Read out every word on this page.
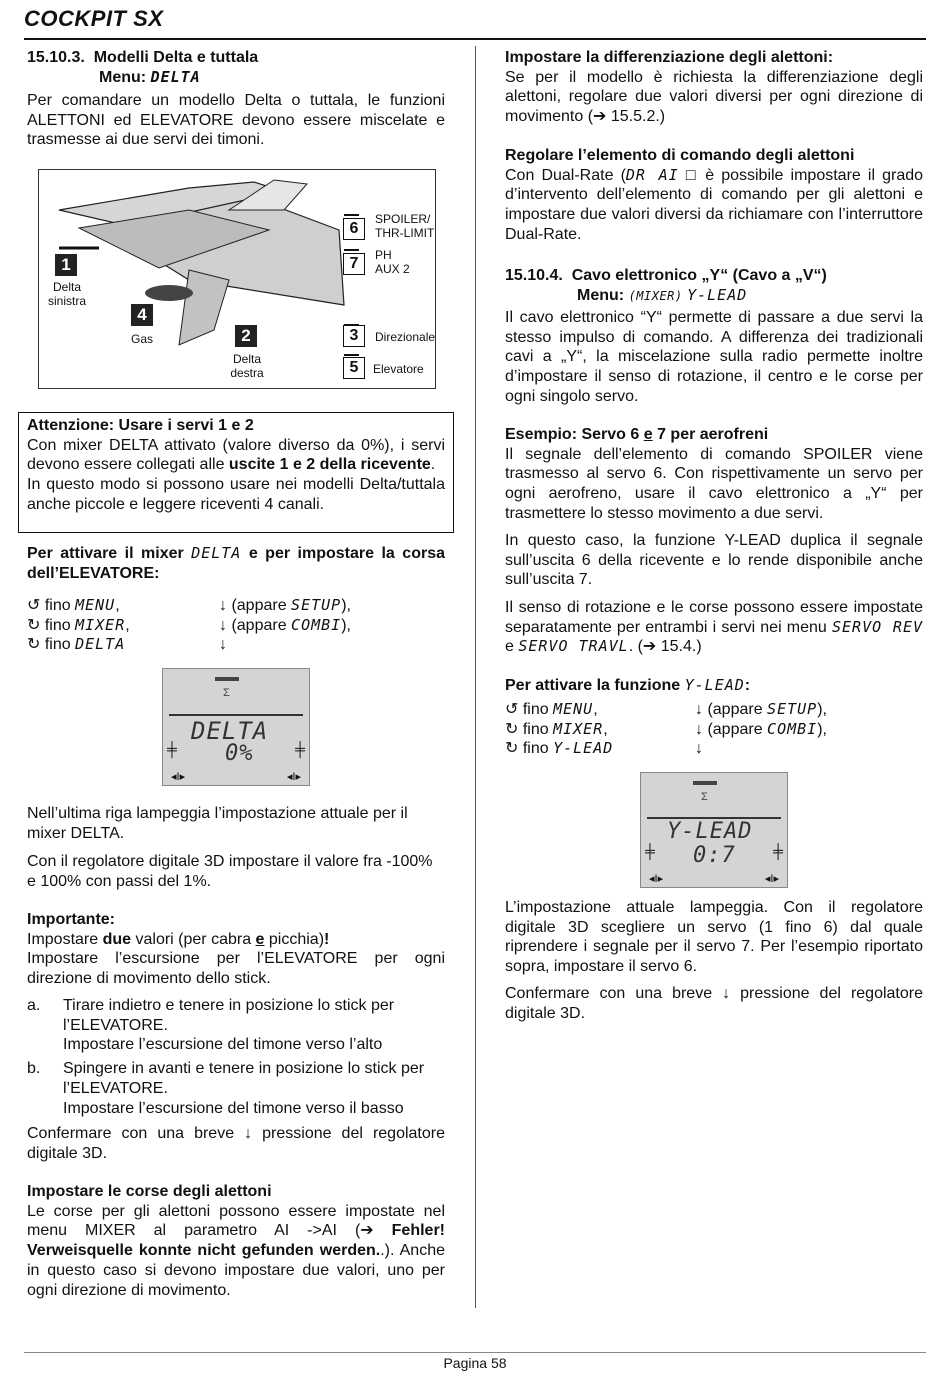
COCKPIT SX

15.10.3. Modelli Delta e tuttala

Menu: DELTA

Per comandare un modello Delta o tuttala, le funzioni ALETTONI ed ELEVATORE devono essere miscelate e trasmesse ai due servi dei timoni.

1
Delta
sinistra
4
Gas	2
Delta
destra
6
SPOILER/
THR-LIMIT
7	PH
AUX 2
3	Direzionale
5	Elevatore

Attenzione: Usare i servi 1 e 2

Con mixer DELTA attivato (valore diverso da 0%), i servi devono essere collegati alle uscite 1 e 2 della ricevente.

In questo modo si possono usare nei modelli Delta/tuttala anche piccole e leggere riceventi 4 canali.

Per attivare il mixer DELTA e per impostare la corsa dell’ELEVATORE:

↺ fino MENU,	↓ (appare SETUP),
↻ fino MIXER,	↓ (appare COMBI),
↻ fino DELTA	↓
Σ
DELTA
0%
╪	╪
◂I▸	◂I▸

Nell’ultima riga lampeggia l’impostazione attuale per il mixer DELTA.

Con il regolatore digitale 3D impostare il valore fra -100% e 100% con passi del 1%.

Importante:

Impostare due valori (per cabra e picchia)!

Impostare l’escursione per l’ELEVATORE per ogni direzione di movimento dello stick.

a.	Tirare indietro e tenere in posizione lo stick per l’ELEVATORE.
Impostare l’escursione del timone verso l’alto
b.	Spingere in avanti e tenere in posizione lo stick per l’ELEVATORE.
Impostare l’escursione del timone verso il basso

Confermare con una breve ↓ pressione del regolatore digitale 3D.

Impostare le corse degli alettoni

Le corse per gli alettoni possono essere impostate nel menu MIXER al parametro AI ->AI (➔ Fehler! Verweisquelle konnte nicht gefunden werden..). Anche in questo caso si devono impostare due valori, uno per ogni direzione di movimento.

Impostare la differenziazione degli alettoni:

Se per il modello è richiesta la differenziazione degli alettoni, regolare due valori diversi per ogni direzione di movimento (➔ 15.5.2.)

Regolare l’elemento di comando degli alettoni

Con Dual-Rate (DR AI □ è possibile impostare il grado d’intervento dell’elemento di comando per gli alettoni e impostare due valori diversi da richiamare con l’interruttore Dual-Rate.

15.10.4. Cavo elettronico „Y“ (Cavo a „V“)

Menu: (MIXER) Y-LEAD

Il cavo elettronico “Y“ permette di passare a due servi la stesso impulso di comando. A differenza dei tradizionali cavi a „Y“, la miscelazione sulla radio permette inoltre d’impostare il senso di rotazione, il centro e le corse per ogni singolo servo.

Esempio: Servo 6 e 7 per aerofreni

Il segnale dell’elemento di comando SPOILER viene trasmesso al servo 6. Con rispettivamente un servo per ogni aerofreno, usare il cavo elettronico a „Y“ per trasmettere lo stesso movimento a due servi.

In questo caso, la funzione Y-LEAD duplica il segnale sull’uscita 6 della ricevente e lo rende disponibile anche sull’uscita 7.

Il senso di rotazione e le corse possono essere impostate separatamente per entrambi i servi nei menu SERVO REV e SERVO TRAVL. (➔ 15.4.)

Per attivare la funzione Y-LEAD:

↺ fino MENU,	↓ (appare SETUP),
↻ fino MIXER,	↓ (appare COMBI),
↻ fino Y-LEAD	↓
Σ
Y-LEAD
0:7
╪	╪
◂I▸	◂I▸

L’impostazione attuale lampeggia. Con il regolatore digitale 3D scegliere un servo (1 fino 6) dal quale riprendere i segnale per il servo 7. Per l’esempio riportato sopra, impostare il servo 6.

Confermare con una breve ↓ pressione del regolatore digitale 3D.

Pagina 58
